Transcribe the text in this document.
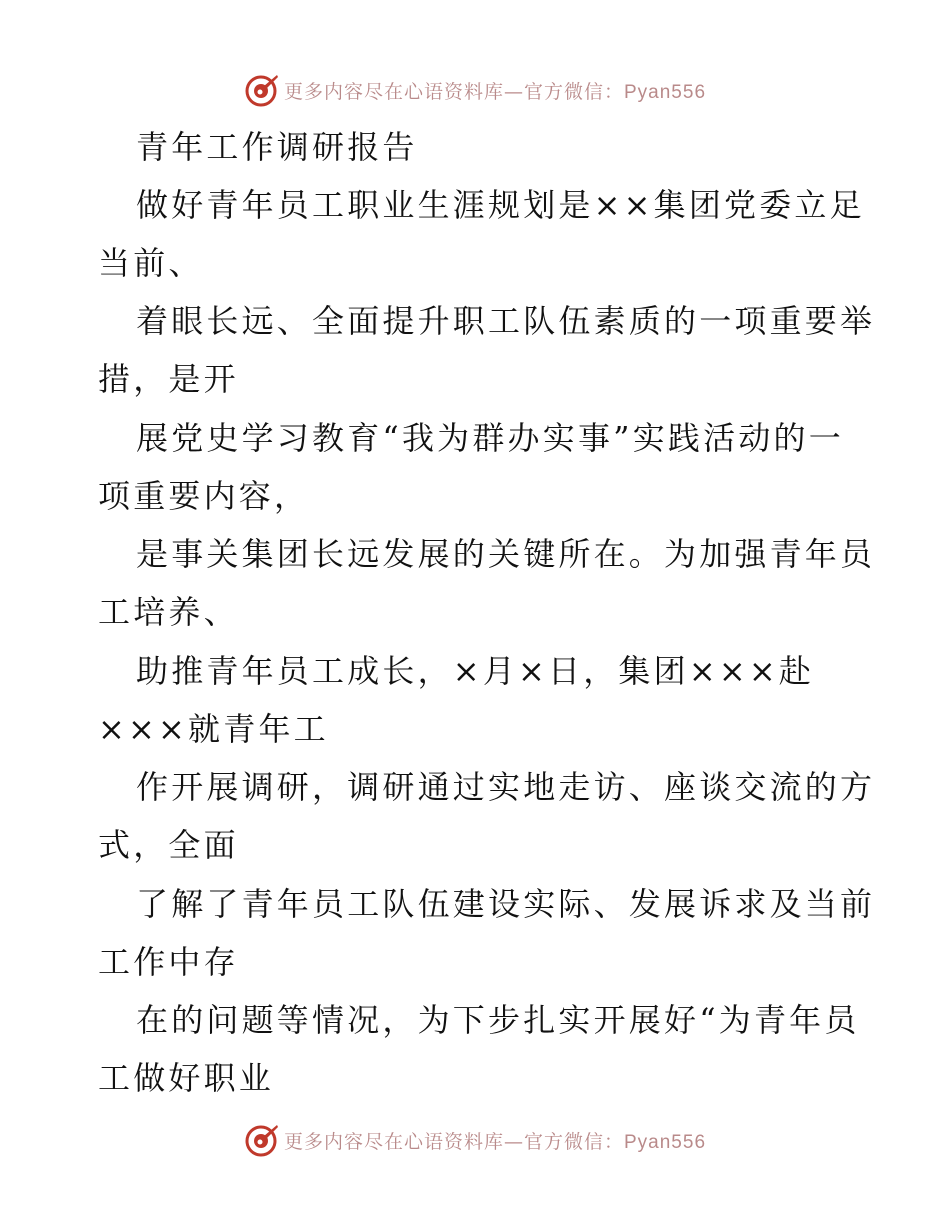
更多内容尽在心语资料库—官方微信：Pyan556
青年工作调研报告
做好青年员工职业生涯规划是××集团党委立足
当前、
着眼长远、全面提升职工队伍素质的一项重要举
措，是开
展党史学习教育“我为群办实事”实践活动的一
项重要内容，
是事关集团长远发展的关键所在。为加强青年员
工培养、
助推青年员工成长，×月×日，集团×××赴
×××就青年工
作开展调研，调研通过实地走访、座谈交流的方
式，全面
了解了青年员工队伍建设实际、发展诉求及当前
工作中存
在的问题等情况，为下步扎实开展好“为青年员
工做好职业
更多内容尽在心语资料库—官方微信：Pyan556
